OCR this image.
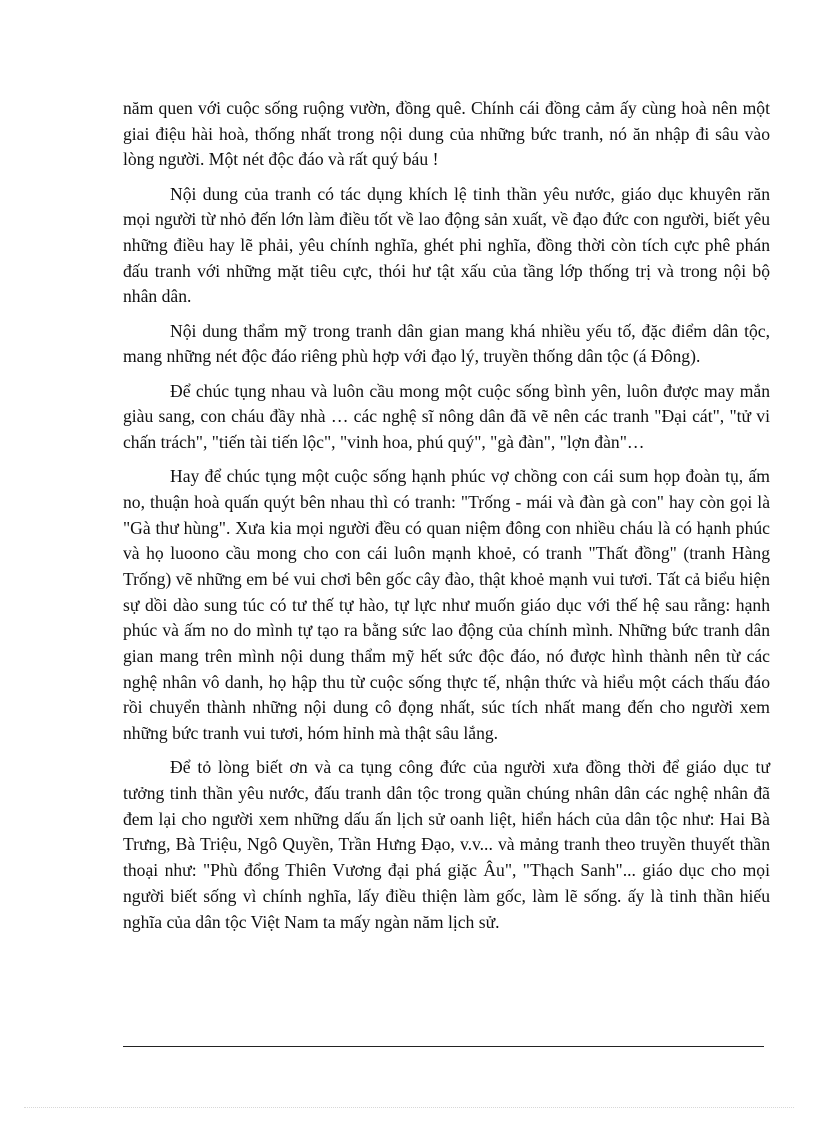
năm quen với cuộc sống ruộng vườn, đồng quê. Chính cái đồng cảm ấy cùng hoà nên một giai điệu hài hoà, thống nhất trong nội dung của những bức tranh, nó ăn nhập đi sâu vào lòng người. Một nét độc đáo và rất quý báu !

Nội dung của tranh có tác dụng khích lệ tinh thần yêu nước, giáo dục khuyên răn mọi người từ nhỏ đến lớn làm điều tốt về lao động sản xuất, về đạo đức con người, biết yêu những điều hay lẽ phải, yêu chính nghĩa, ghét phi nghĩa, đồng thời còn tích cực phê phán đấu tranh với những mặt tiêu cực, thói hư tật xấu của tầng lớp thống trị và trong nội bộ nhân dân.

Nội dung thẩm mỹ trong tranh dân gian mang khá nhiều yếu tố, đặc điểm dân tộc, mang những nét độc đáo riêng phù hợp với đạo lý, truyền thống dân tộc (á Đông).

Để chúc tụng nhau và luôn cầu mong một cuộc sống bình yên, luôn được may mắn giàu sang, con cháu đầy nhà … các nghệ sĩ nông dân đã vẽ nên các tranh "Đại cát", "tử vi chấn trách", "tiến tài tiến lộc", "vinh hoa, phú quý", "gà đàn", "lợn đàn"…

Hay để chúc tụng một cuộc sống hạnh phúc vợ chồng con cái sum họp đoàn tụ, ấm no, thuận hoà quấn quýt bên nhau thì có tranh: "Trống - mái và đàn gà con" hay còn gọi là "Gà thư hùng". Xưa kia mọi người đều có quan niệm đông con nhiều cháu là có hạnh phúc và họ luoono cầu mong cho con cái luôn mạnh khoẻ, có tranh "Thất đồng" (tranh Hàng Trống) vẽ những em bé vui chơi bên gốc cây đào, thật khoẻ mạnh vui tươi. Tất cả biểu hiện sự dồi dào sung túc có tư thế tự hào, tự lực như muốn giáo dục với thế hệ sau rằng: hạnh phúc và ấm no do mình tự tạo ra bằng sức lao động của chính mình. Những bức tranh dân gian mang trên mình nội dung thẩm mỹ hết sức độc đáo, nó được hình thành nên từ các nghệ nhân vô danh, họ hập thu từ cuộc sống thực tế, nhận thức và hiểu một cách thấu đáo rồi chuyển thành những nội dung cô đọng nhất, súc tích nhất mang đến cho người xem những bức tranh vui tươi, hóm hỉnh mà thật sâu lắng.

Để tỏ lòng biết ơn và ca tụng công đức của người xưa đồng thời để giáo dục tư tưởng tinh thần yêu nước, đấu tranh dân tộc trong quần chúng nhân dân các nghệ nhân đã đem lại cho người xem những dấu ấn lịch sử oanh liệt, hiển hách của dân tộc như: Hai Bà Trưng, Bà Triệu, Ngô Quyền, Trần Hưng Đạo, v.v... và mảng tranh theo truyền thuyết thần thoại như: "Phù đổng Thiên Vương đại phá giặc Âu", "Thạch Sanh"... giáo dục cho mọi người biết sống vì chính nghĩa, lấy điều thiện làm gốc, làm lẽ sống. ấy là tinh thần hiếu nghĩa của dân tộc Việt Nam ta mấy ngàn năm lịch sử.
